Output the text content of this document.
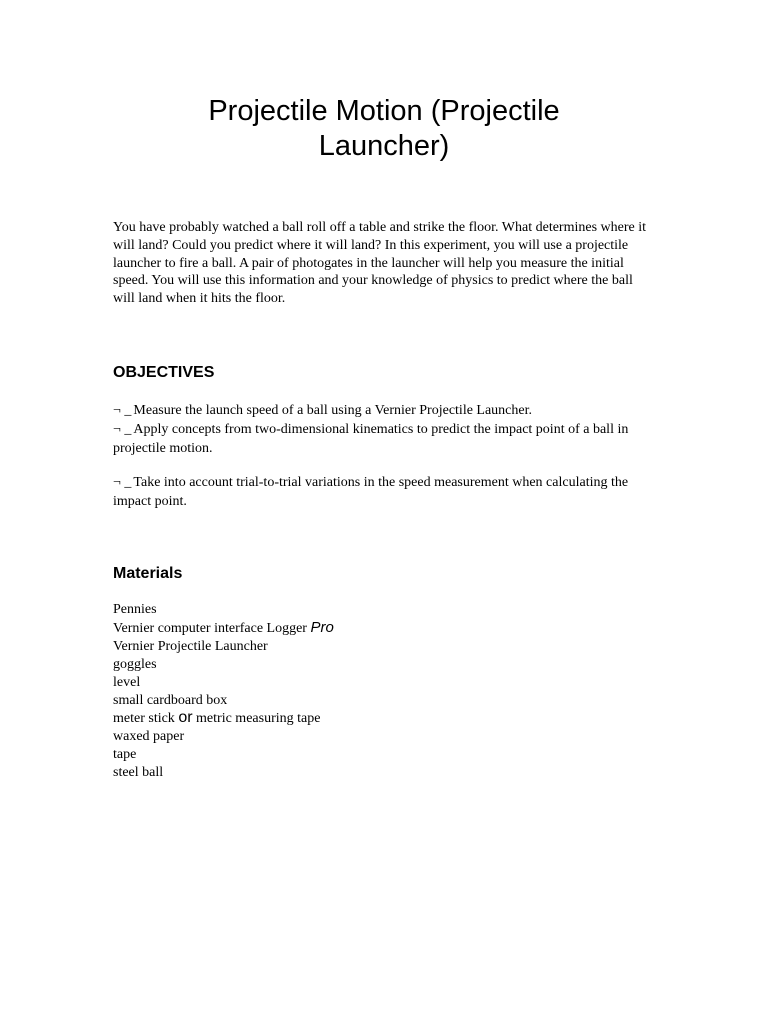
Projectile Motion (Projectile
Launcher)

You have probably watched a ball roll off a table and strike the floor. What determines where it will land? Could you predict where it will land? In this experiment, you will use a projectile launcher to fire a ball. A pair of photogates in the launcher will help you measure the initial speed. You will use this information and your knowledge of physics to predict where the ball will land when it hits the floor.

OBJECTIVES
¬ _ Measure the launch speed of a ball using a Vernier Projectile Launcher.
¬ _ Apply concepts from two-dimensional kinematics to predict the impact point of a ball in projectile motion.
¬ _ Take into account trial-to-trial variations in the speed measurement when calculating the impact point.
Materials
Pennies
Vernier computer interface Logger Pro
Vernier Projectile Launcher
goggles
level
small cardboard box
meter stick or metric measuring tape
waxed paper
tape
steel ball
